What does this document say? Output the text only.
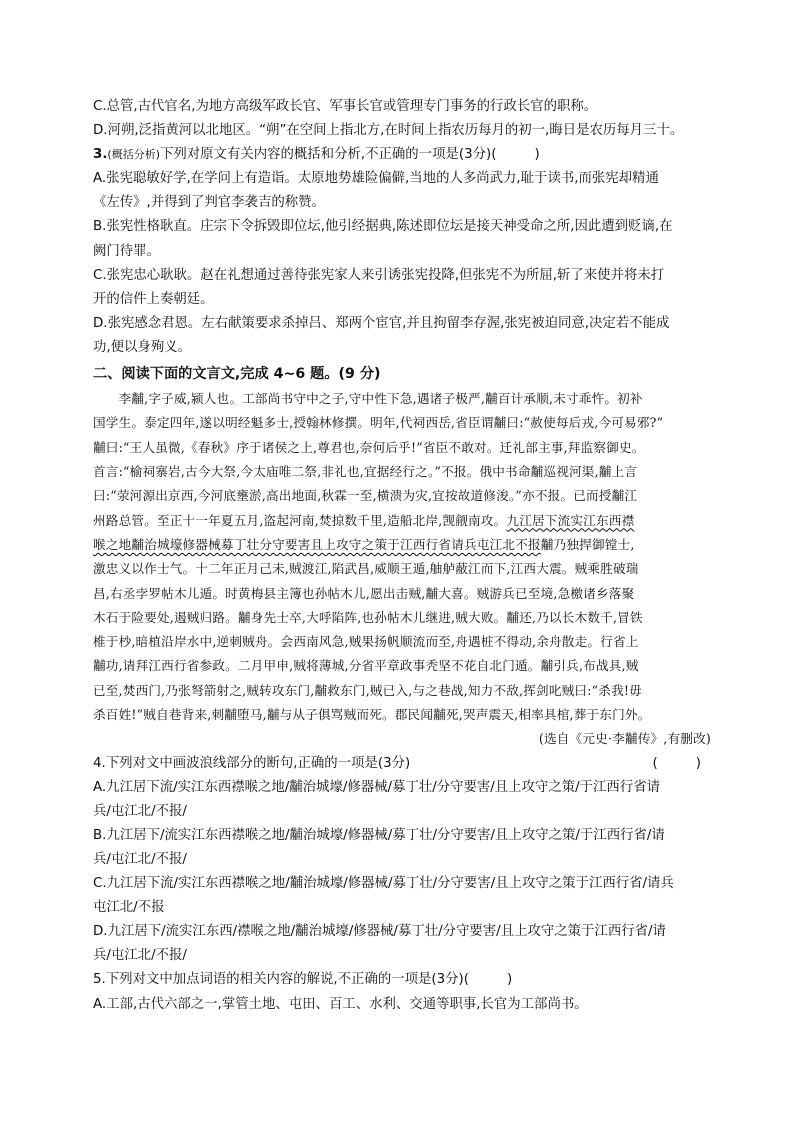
C.总管,古代官名,为地方高级军政长官、军事长官或管理专门事务的行政长官的职称。
D.河朔,泛指黄河以北地区。“朔”在空间上指北方,在时间上指农历每月的初一,晦日是农历每月三十。
3.(概括分析)下列对原文有关内容的概括和分析,不正确的一项是(3分)(	)
A.张宪聪敏好学,在学问上有造诣。太原地势雄险偏僻,当地的人多尚武力,耻于读书,而张宪却精通
《左传》,并得到了判官李袭吉的称赞。
B.张宪性格耿直。庄宗下令拆毁即位坛,他引经据典,陈述即位坛是接天神受命之所,因此遭到贬谪,在
阙门待罪。
C.张宪忠心耿耿。赵在礼想通过善待张宪家人来引诱张宪投降,但张宪不为所屈,斩了来使并将未打
开的信件上奏朝廷。
D.张宪感念君恩。左右献策要求杀掉吕、郑两个宦官,并且拘留李存渥,张宪被迫同意,决定若不能成
功,便以身殉义。
二、阅读下面的文言文,完成 4~6 题。(9 分)
　　李黼,字子威,颍人也。工部尚书守中之子,守中性下急,遇诸子极严,黼百计承顺,未寸乖忤。初补
国学生。泰定四年,遂以明经魁多士,授翰林修撰。明年,代祠西岳,省臣谓黼曰:“赦使每后戎,今可易邪?”
黼曰:“王人虽微,《春秋》序于诸侯之上,尊君也,奈何后乎!”省臣不敢对。迁礼部主事,拜监察御史。
首言:“榆祠寨岩,古今大祭,今太庙唯二祭,非礼也,宜据经行之。”不报。俄中书命黼巡视河渠,黼上言
曰:“荥河源出京西,今河底壅淤,高出地面,秋霖一至,横溃为灾,宜按故道修浚。”亦不报。已而授黼江
州路总管。至正十一年夏五月,盗起河南,焚掠数千里,造船北岸,觊觎南攻。九江居下流实江东西襟
喉之地黼治城壕修器械募丁壮分守要害且上攻守之策于江西行省请兵屯江北不报黼乃独捍御镗士,
激忠义以作士气。十二年正月己未,贼渡江,陷武昌,威顺王遁,舳舻蔽江而下,江西大震。贼乘胜破瑞
昌,右丞孛罗帖木儿遁。时黄梅县主簿也孙帖木儿,愿出击贼,黼大喜。贼游兵已至境,急檄诸乡落聚
木石于险要处,遏贼归路。黼身先士卒,大呼陷阵,也孙帖木儿继进,贼大败。黼还,乃以长木数千,冒铁
椎于杪,暗植沿岸水中,逆刺贼舟。会西南风急,贼果扬帆顺流而至,舟遇桩不得动,余舟散走。行省上
黼功,请拜江西行省参政。二月甲申,贼将薄城,分省平章政事秃坚不花自北门遁。黼引兵,布战具,贼
已至,焚西门,乃张弩箭射之,贼转攻东门,黼救东门,贼已入,与之巷战,知力不敌,挥剑叱贼曰:“杀我!毋
杀百姓!”贼自巷背来,刺黼堕马,黼与从子俱骂贼而死。郡民闻黼死,哭声震天,相率具棺,葬于东门外。
(选自《元史·李黼传》,有删改)
4.下列对文中画波浪线部分的断句,正确的一项是(3分)	(	)
A.九江居下流/实江东西襟喉之地/黼治城壕/修器械/募丁壮/分守要害/且上攻守之策/于江西行省请
兵/屯江北/不报/
B.九江居下/流实江东西襟喉之地/黼治城壕/修器械/募丁壮/分守要害/且上攻守之策/于江西行省/请
兵/屯江北/不报/
C.九江居下流/实江东西襟喉之地/黼治城壕/修器械/募丁壮/分守要害/且上攻守之策于江西行省/请兵
屯江北/不报
D.九江居下/流实江东西/襟喉之地/黼治城壕/修器械/募丁壮/分守要害/且上攻守之策于江西行省/请
兵/屯江北/不报/
5.下列对文中加点词语的相关内容的解说,不正确的一项是(3分)(	)
A.工部,古代六部之一,掌管土地、屯田、百工、水利、交通等职事,长官为工部尚书。
